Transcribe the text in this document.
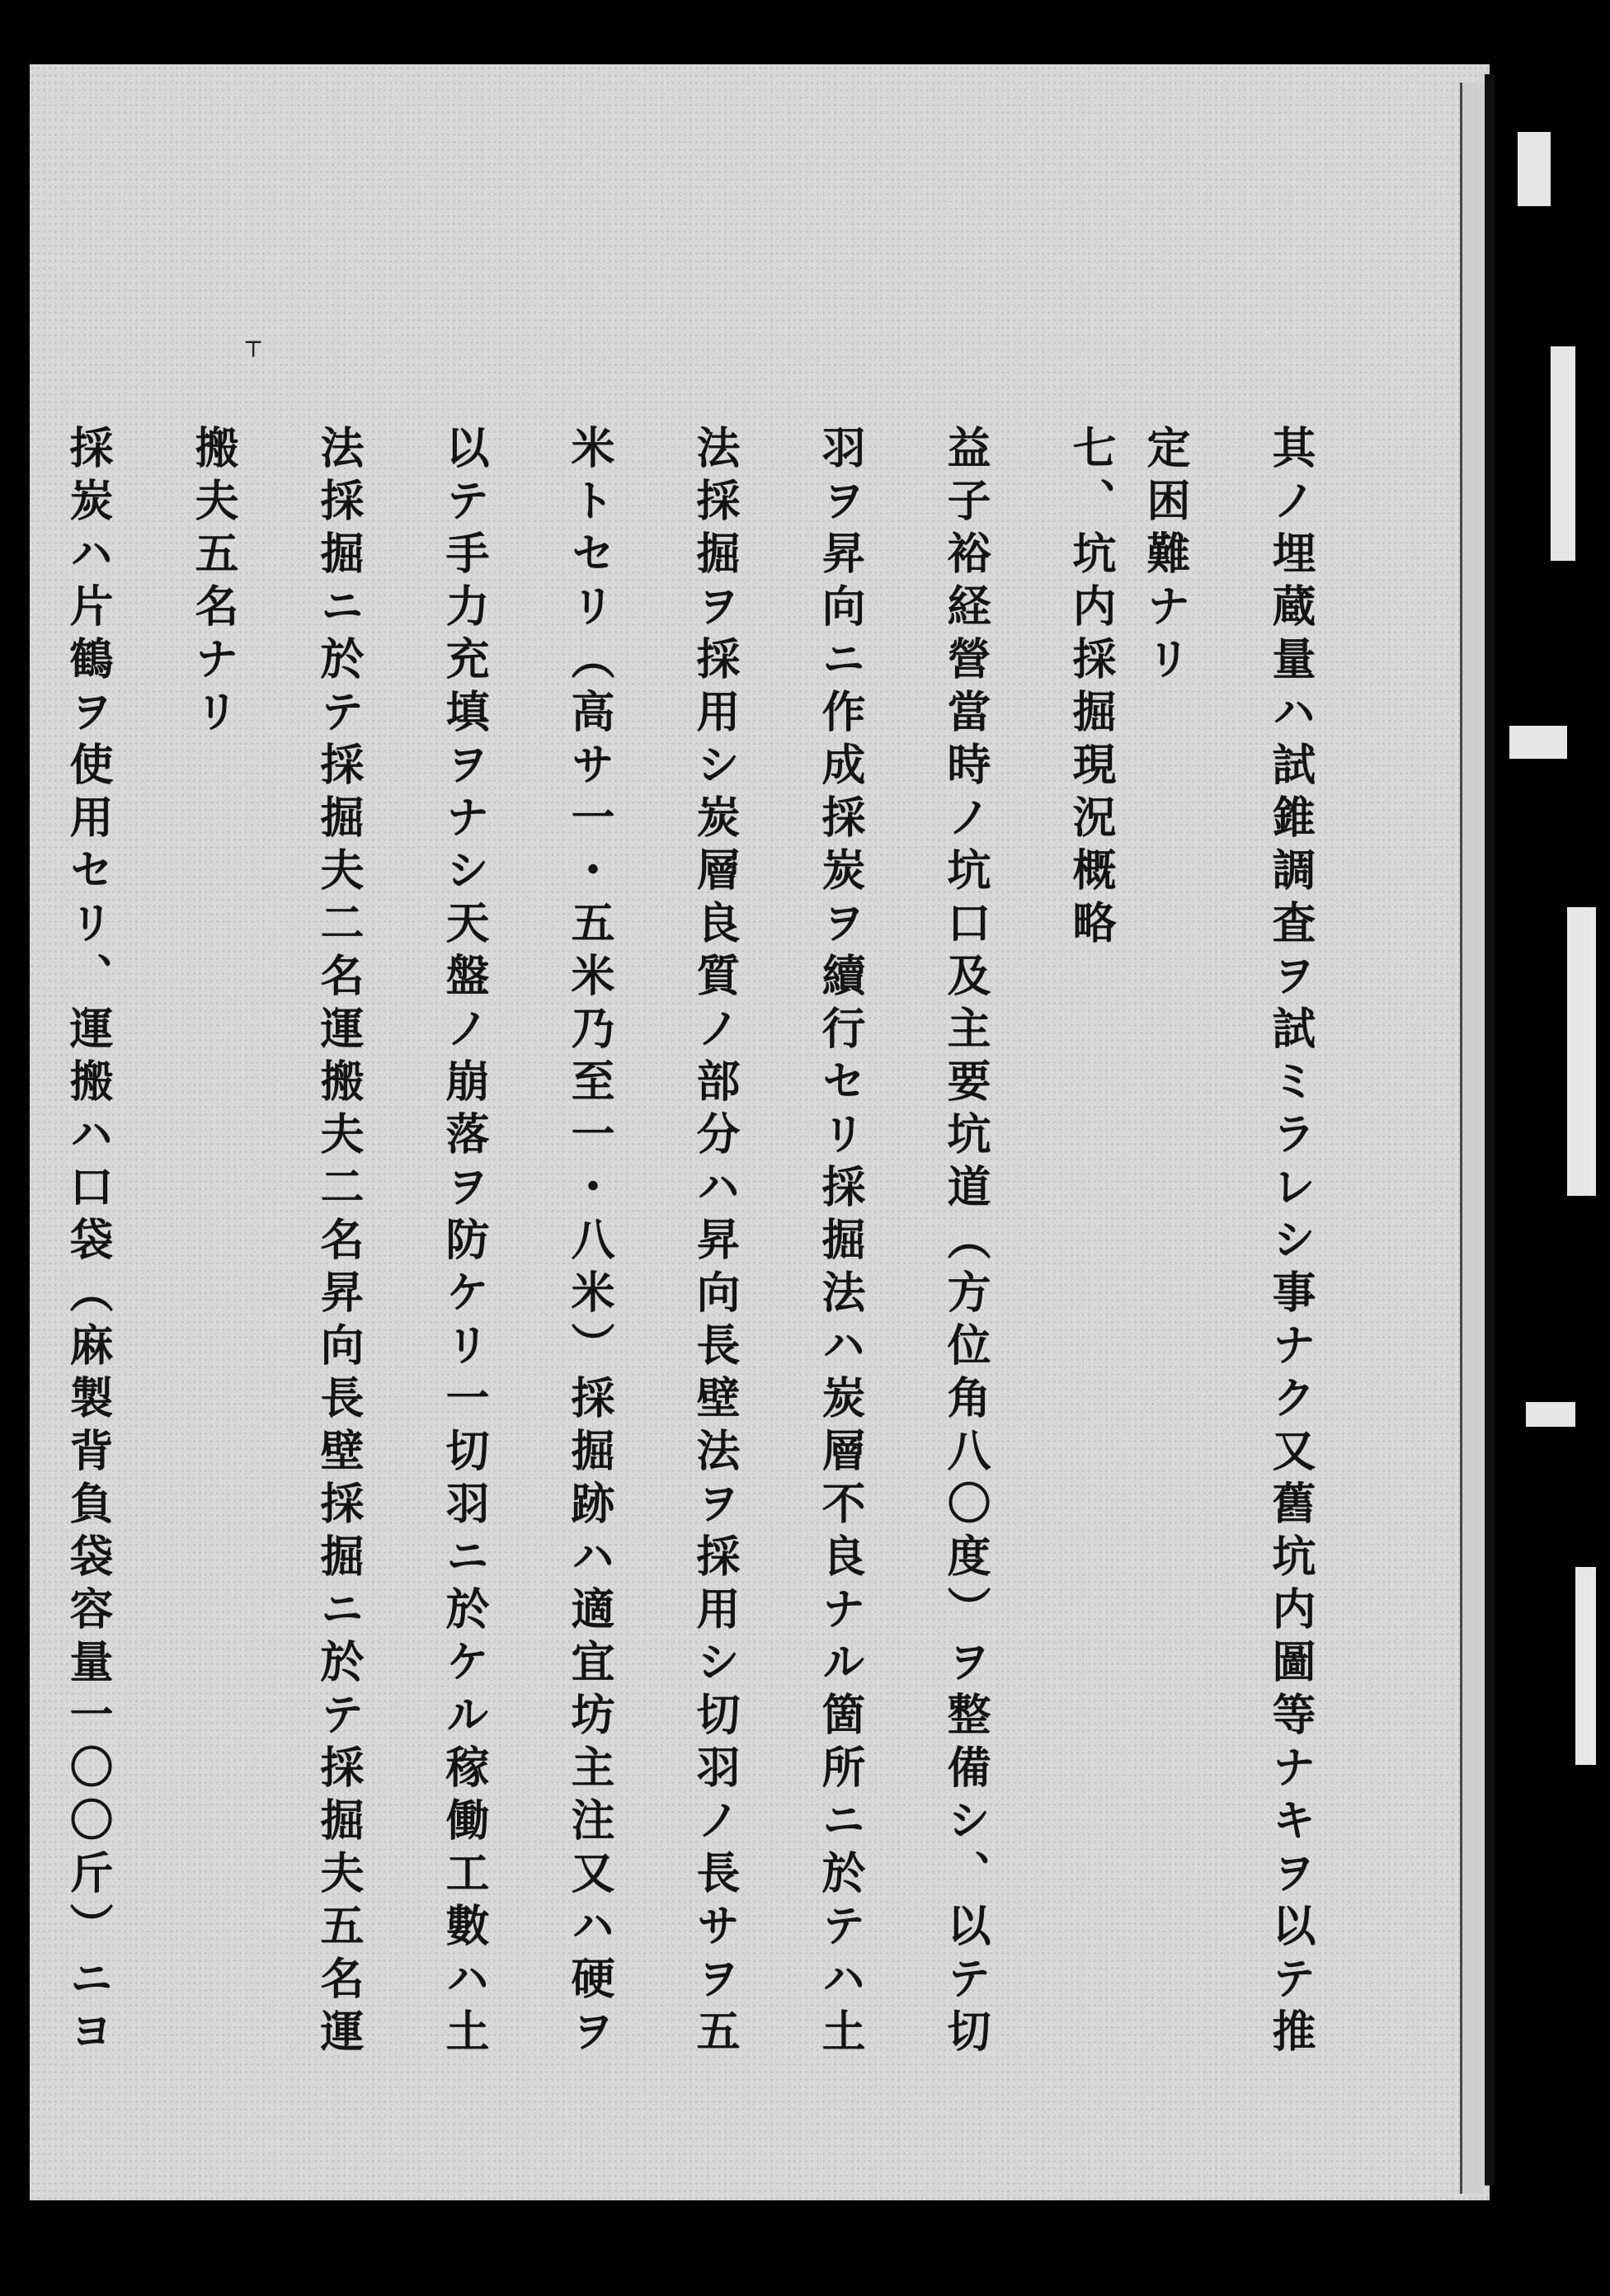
┬
其ノ埋蔵量ハ試錐調査ヲ試ミラレシ事ナク又舊坑内圖等ナキヲ以テ推
定困難ナリ
七、坑内採掘現況概略
益子裕経營當時ノ坑口及主要坑道（方位角八〇度）ヲ整備シ、以テ切
羽ヲ昇向ニ作成採炭ヲ續行セリ採掘法ハ炭層不良ナル箇所ニ於テハ土
法採掘ヲ採用シ炭層良質ノ部分ハ昇向長壁法ヲ採用シ切羽ノ長サヲ五
米トセリ（高サ一・五米乃至一・八米）採掘跡ハ適宜坊主注又ハ硬ヲ
以テ手力充填ヲナシ天盤ノ崩落ヲ防ケリ一切羽ニ於ケル稼働工數ハ土
法採掘ニ於テ採掘夫二名運搬夫二名昇向長壁採掘ニ於テ採掘夫五名運
搬夫五名ナリ
採炭ハ片鶴ヲ使用セリ、運搬ハ口袋（麻製背負袋容量一〇〇斤）ニヨ
